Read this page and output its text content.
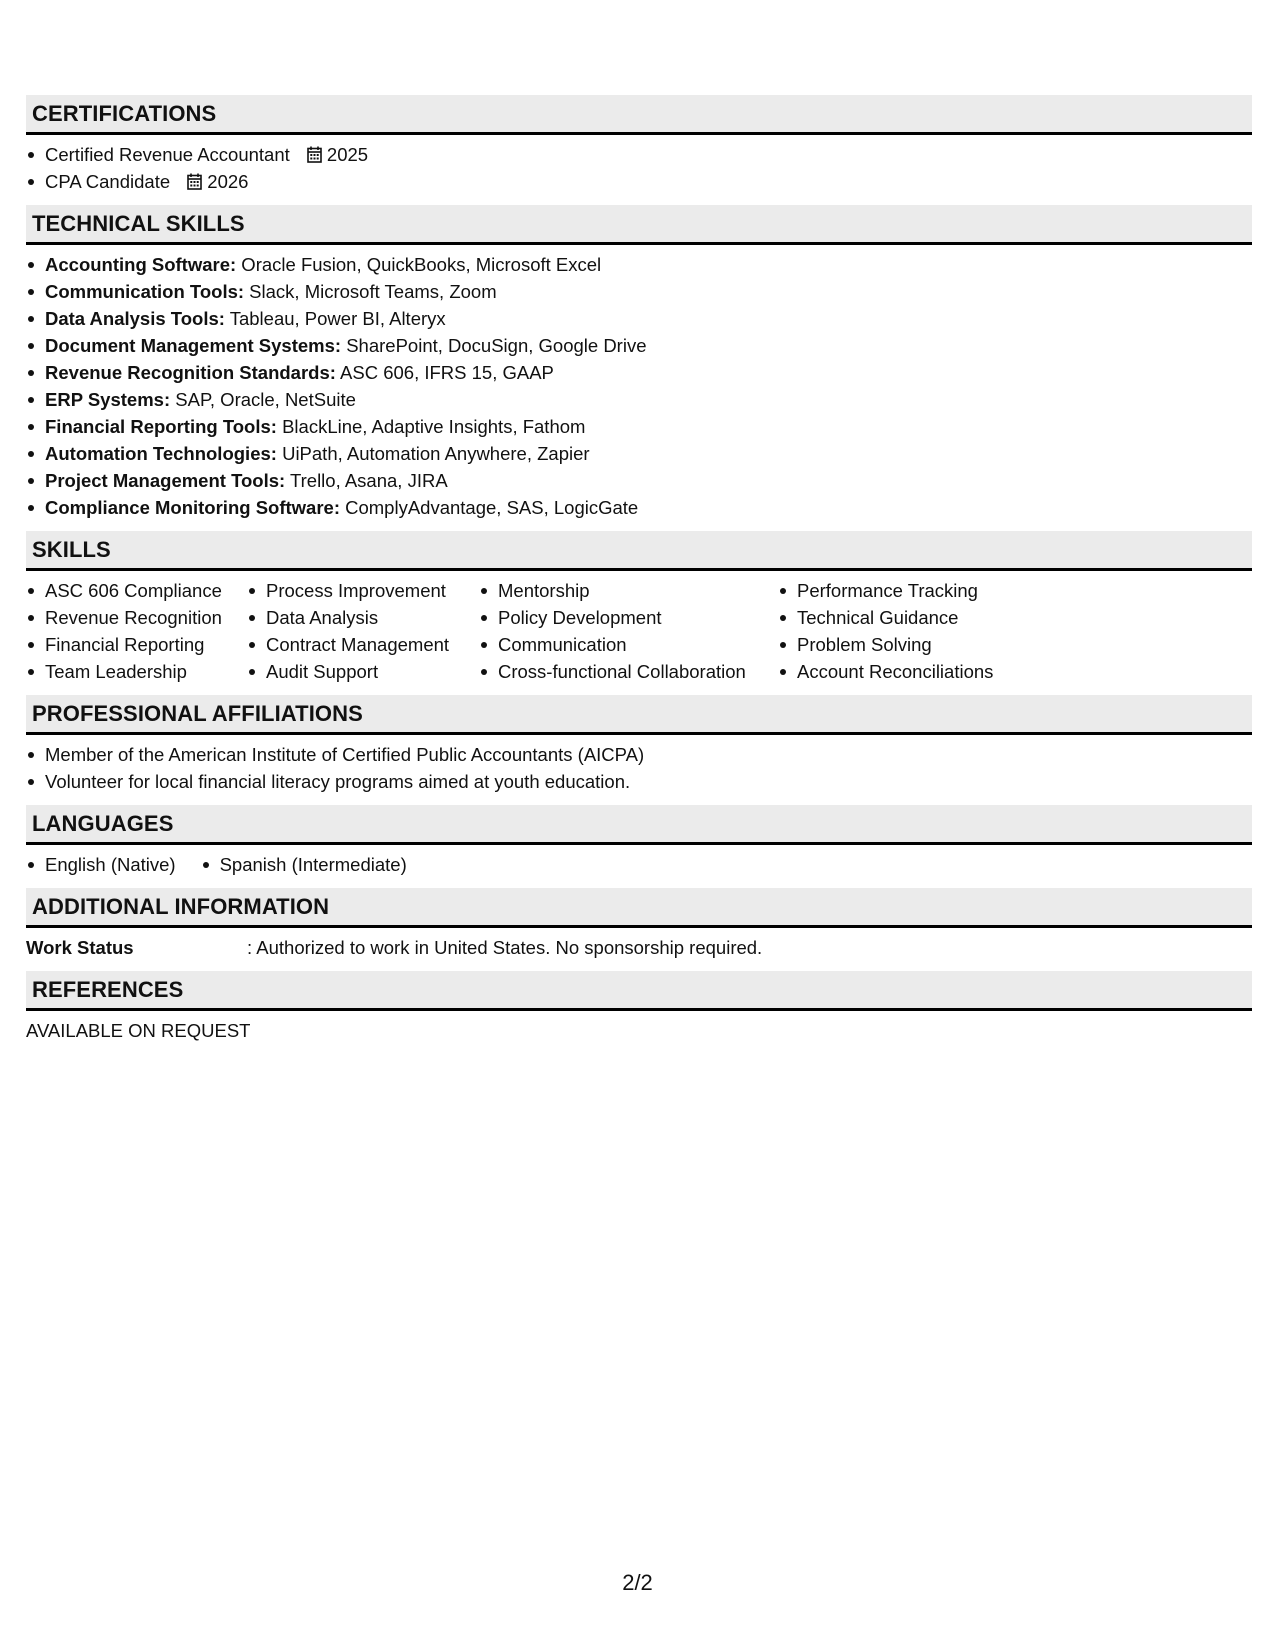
CERTIFICATIONS
Certified Revenue Accountant 2025
CPA Candidate 2026
TECHNICAL SKILLS
Accounting Software: Oracle Fusion, QuickBooks, Microsoft Excel
Communication Tools: Slack, Microsoft Teams, Zoom
Data Analysis Tools: Tableau, Power BI, Alteryx
Document Management Systems: SharePoint, DocuSign, Google Drive
Revenue Recognition Standards: ASC 606, IFRS 15, GAAP
ERP Systems: SAP, Oracle, NetSuite
Financial Reporting Tools: BlackLine, Adaptive Insights, Fathom
Automation Technologies: UiPath, Automation Anywhere, Zapier
Project Management Tools: Trello, Asana, JIRA
Compliance Monitoring Software: ComplyAdvantage, SAS, LogicGate
SKILLS
ASC 606 Compliance
Revenue Recognition
Financial Reporting
Team Leadership
Process Improvement
Data Analysis
Contract Management
Audit Support
Mentorship
Policy Development
Communication
Cross-functional Collaboration
Performance Tracking
Technical Guidance
Problem Solving
Account Reconciliations
PROFESSIONAL AFFILIATIONS
Member of the American Institute of Certified Public Accountants (AICPA)
Volunteer for local financial literacy programs aimed at youth education.
LANGUAGES
English (Native)	Spanish (Intermediate)
ADDITIONAL INFORMATION
Work Status	: Authorized to work in United States. No sponsorship required.
REFERENCES
AVAILABLE ON REQUEST
2/2
